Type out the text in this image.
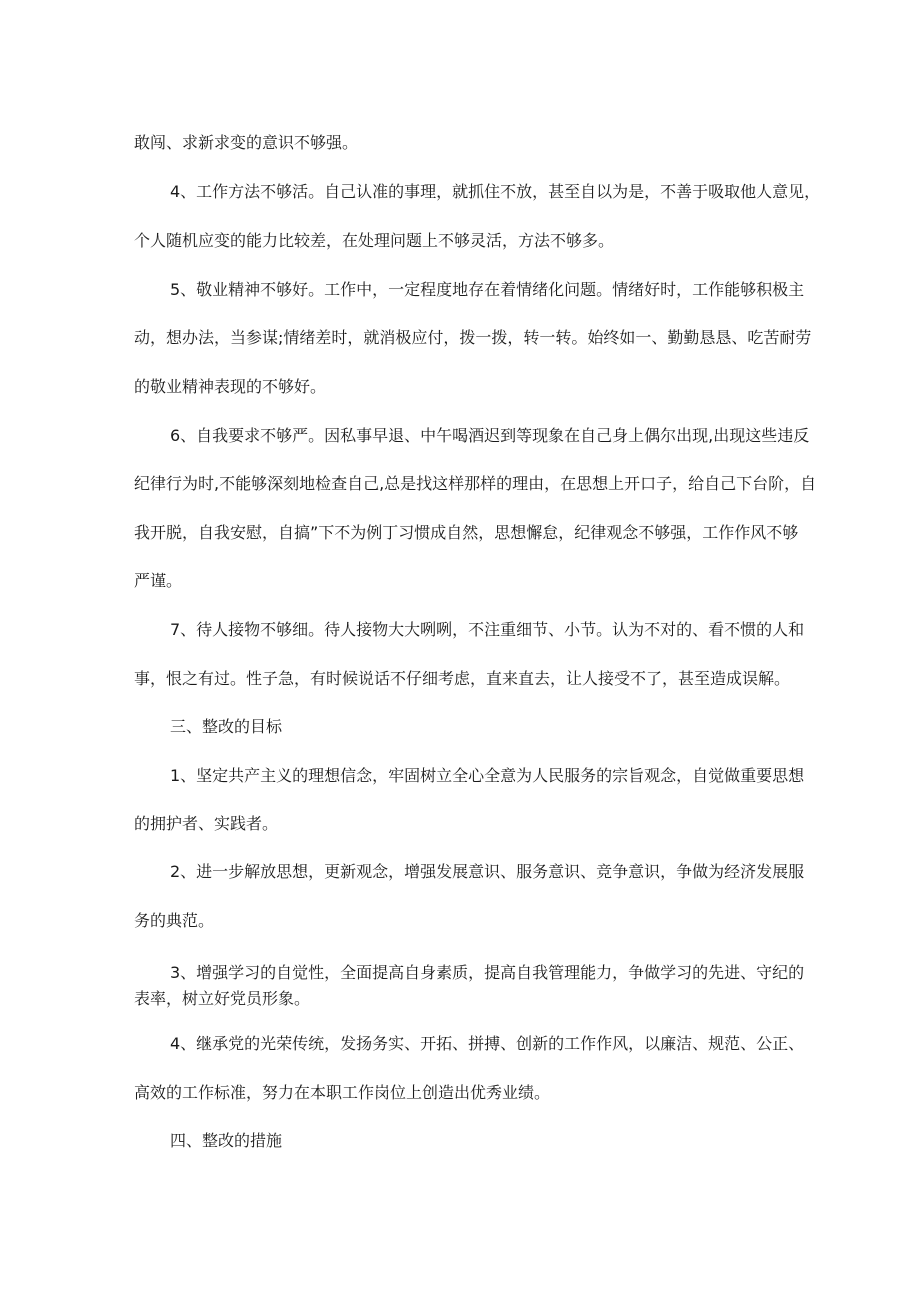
敢闯、求新求变的意识不够强。
4、工作方法不够活。自己认准的事理，就抓住不放，甚至自以为是，不善于吸取他人意见，
个人随机应变的能力比较差，在处理问题上不够灵活，方法不够多。
5、敬业精神不够好。工作中，一定程度地存在着情绪化问题。情绪好时，工作能够积极主
动，想办法，当参谋;情绪差时，就消极应付，拨一拨，转一转。始终如一、勤勤恳恳、吃苦耐劳
的敬业精神表现的不够好。
6、自我要求不够严。因私事早退、中午喝酒迟到等现象在自己身上偶尔出现,出现这些违反
纪律行为时,不能够深刻地检查自己,总是找这样那样的理由，在思想上开口子，给自己下台阶，自
我开脱，自我安慰，自搞”下不为例丁习惯成自然，思想懈怠，纪律观念不够强，工作作风不够
严谨。
7、待人接物不够细。待人接物大大咧咧，不注重细节、小节。认为不对的、看不惯的人和
事，恨之有过。性子急，有时候说话不仔细考虑，直来直去，让人接受不了，甚至造成误解。
三、整改的目标
1、坚定共产主义的理想信念，牢固树立全心全意为人民服务的宗旨观念，自觉做重要思想
的拥护者、实践者。
2、进一步解放思想，更新观念，增强发展意识、服务意识、竞争意识，争做为经济发展服
务的典范。
3、增强学习的自觉性，全面提高自身素质，提高自我管理能力，争做学习的先进、守纪的
表率，树立好党员形象。
4、继承党的光荣传统，发扬务实、开拓、拼搏、创新的工作作风，以廉洁、规范、公正、
高效的工作标准，努力在本职工作岗位上创造出优秀业绩。
四、整改的措施
